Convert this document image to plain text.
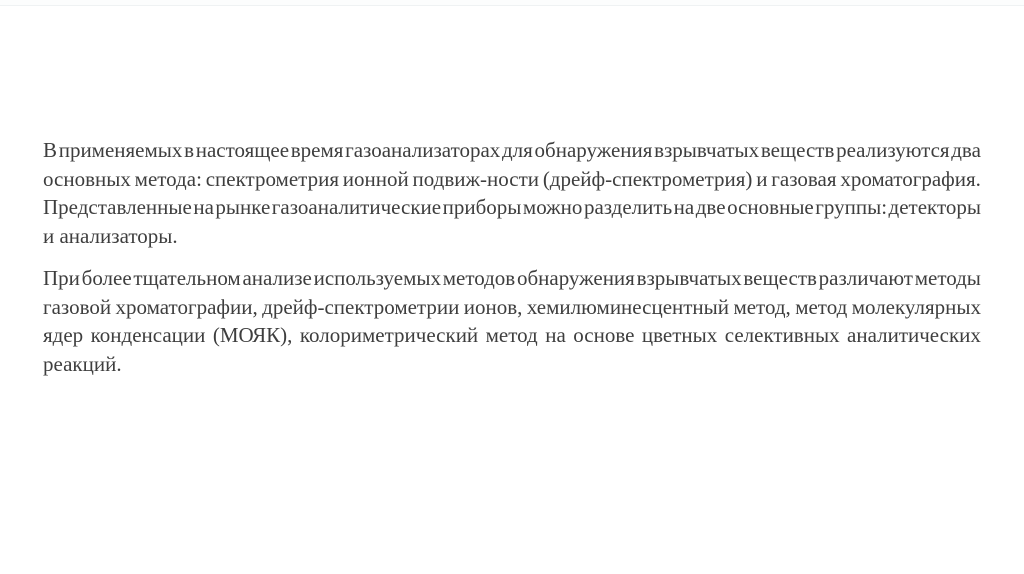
В применяемых в настоящее время газоанализаторах для обнаружения взрывчатых веществ реализуются два
основных метода: спектрометрия ионной подвиж-ности (дрейф-спектрометрия) и газовая хроматография.
Представленные на рынке газоаналитические приборы можно разделить на две основные группы: детекторы
и анализаторы.
При более тщательном анализе используемых методов обнаружения взрывчатых веществ различают методы
газовой хроматографии, дрейф-спектрометрии ионов, хемилюминесцентный метод, метод молекулярных
ядер конденсации (МОЯК), колориметрический метод на основе цветных селективных аналитических
реакций.
